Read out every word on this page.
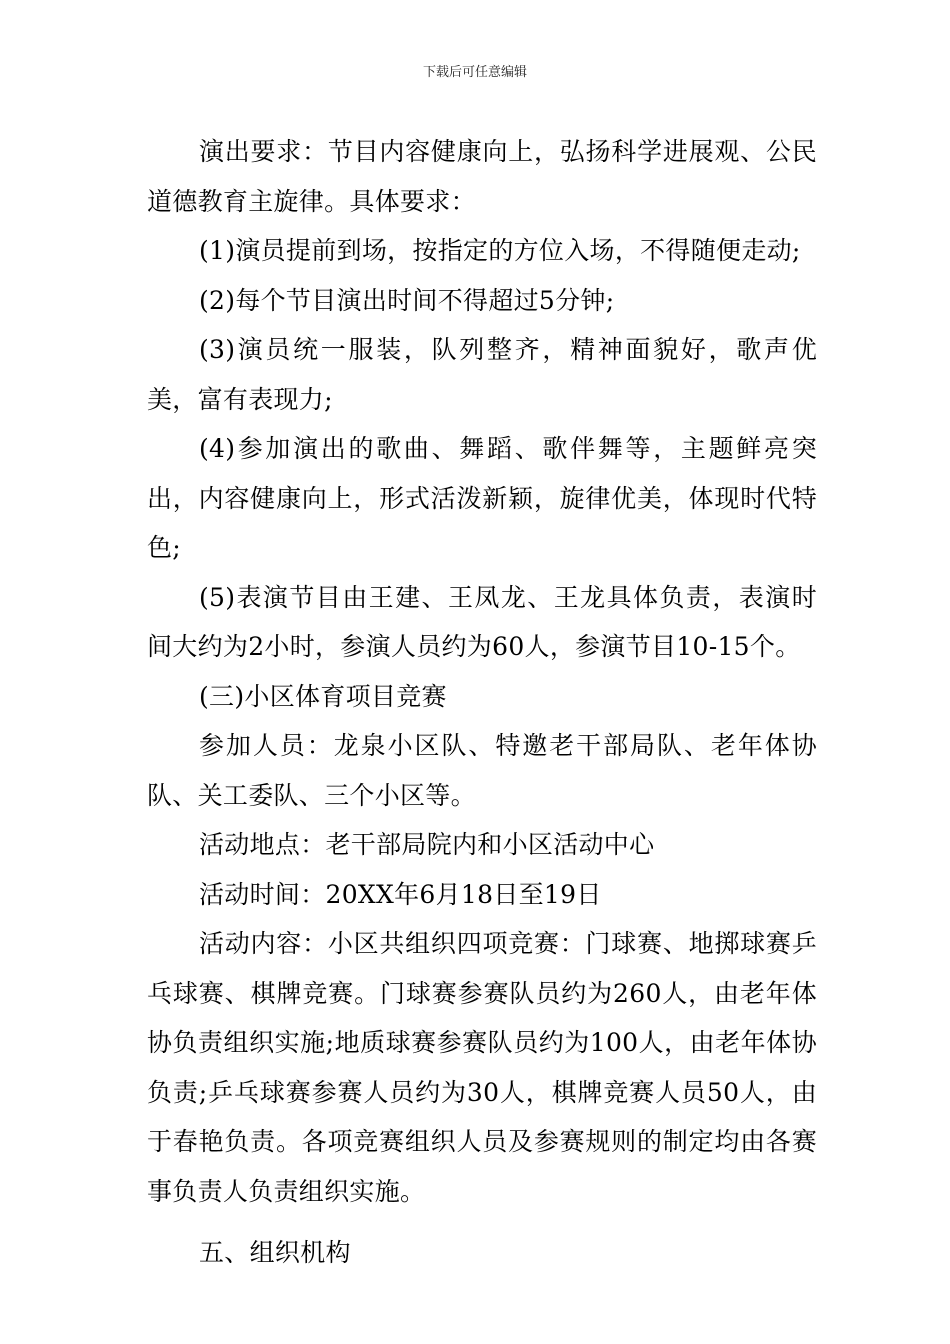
下载后可任意编辑

演出要求：节目内容健康向上，弘扬科学进展观、公民道德教育主旋律。具体要求：

(1)演员提前到场，按指定的方位入场，不得随便走动;

(2)每个节目演出时间不得超过5分钟;

(3)演员统一服装，队列整齐，精神面貌好，歌声优美，富有表现力;

(4)参加演出的歌曲、舞蹈、歌伴舞等，主题鲜亮突出，内容健康向上，形式活泼新颖，旋律优美，体现时代特色;

(5)表演节目由王建、王凤龙、王龙具体负责，表演时间大约为2小时，参演人员约为60人，参演节目10-15个。

(三)小区体育项目竞赛

参加人员：龙泉小区队、特邀老干部局队、老年体协队、关工委队、三个小区等。

活动地点：老干部局院内和小区活动中心

活动时间：20XX年6月18日至19日

活动内容：小区共组织四项竞赛：门球赛、地掷球赛乒乓球赛、棋牌竞赛。门球赛参赛队员约为260人，由老年体协负责组织实施;地质球赛参赛队员约为100人，由老年体协负责;乒乓球赛参赛人员约为30人，棋牌竞赛人员50人，由于春艳负责。各项竞赛组织人员及参赛规则的制定均由各赛事负责人负责组织实施。

五、组织机构
